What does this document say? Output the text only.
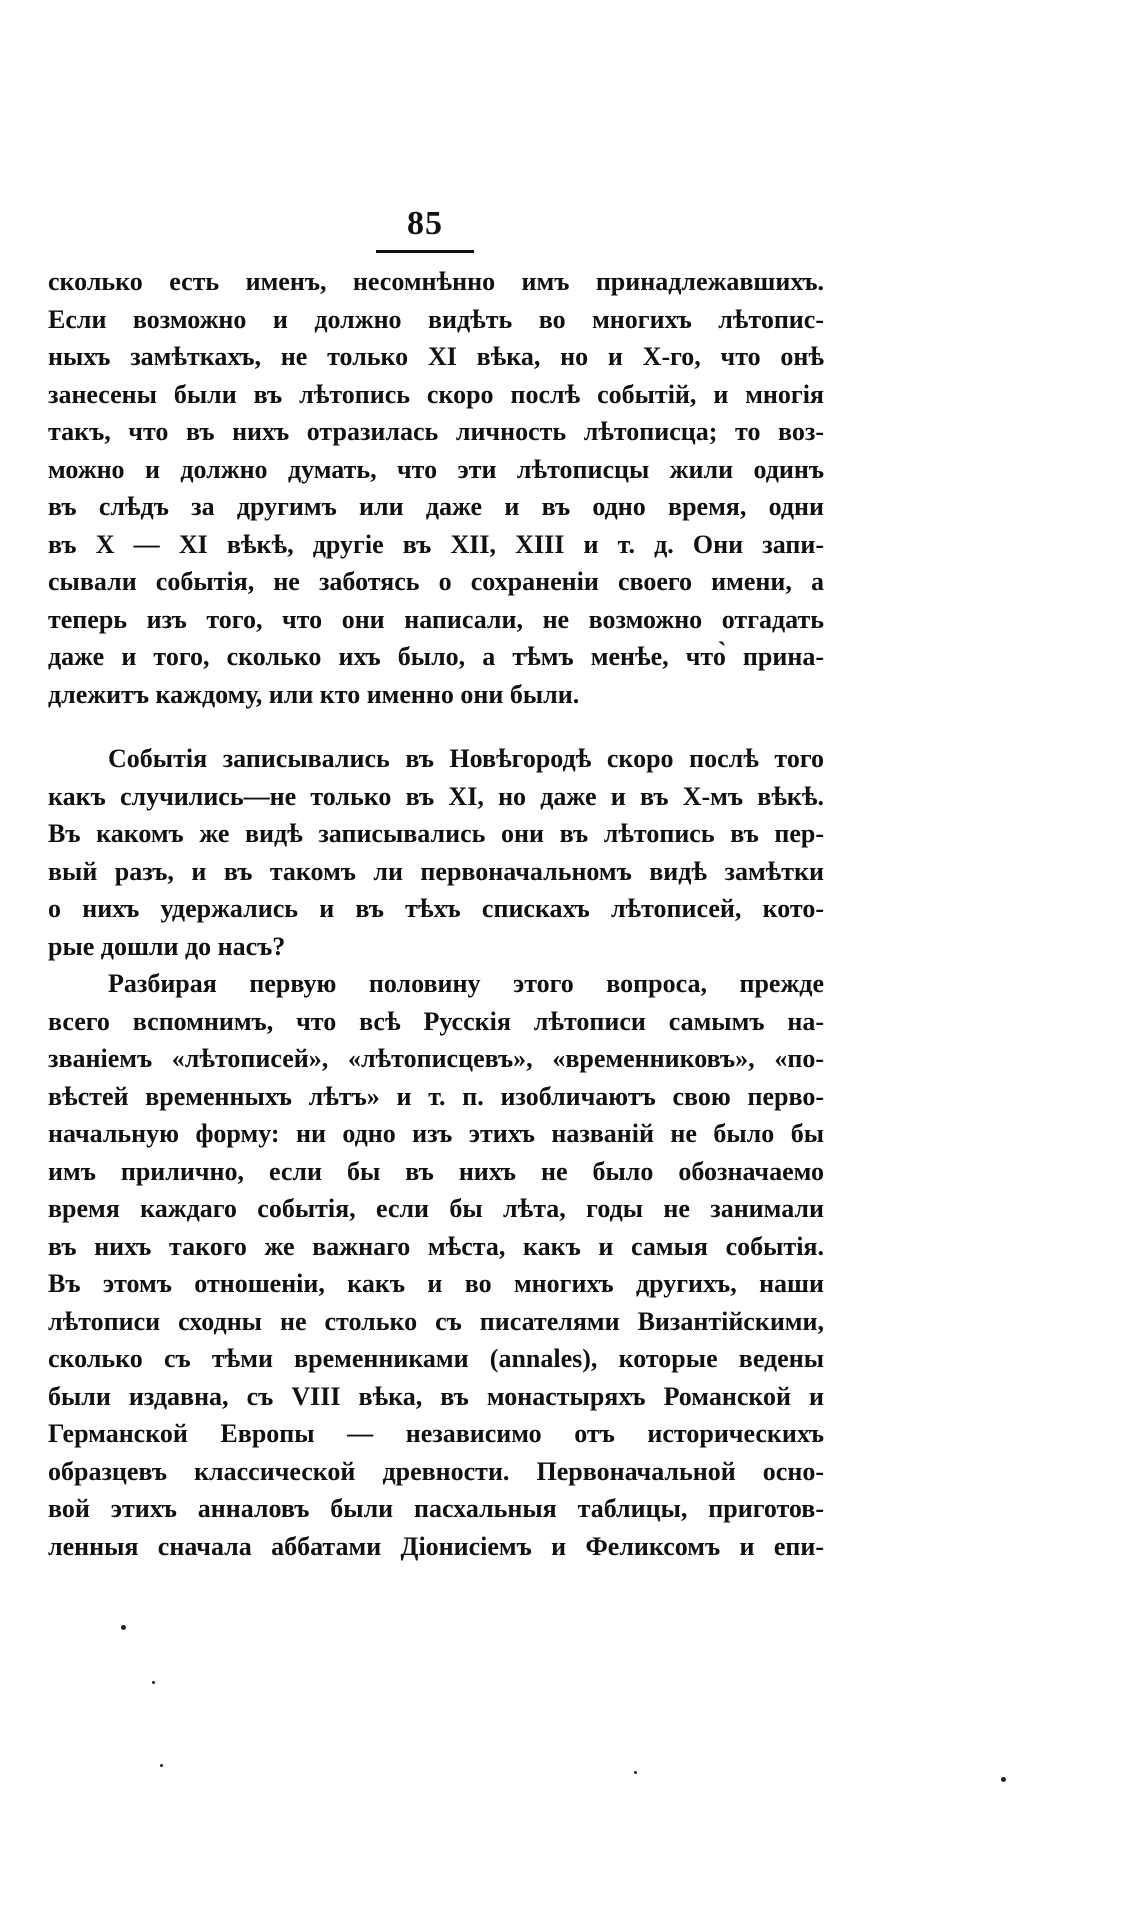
85
сколько есть именъ, несомнѣнно имъ принадлежавшихъ.
Если возможно и должно видѣть во многихъ лѣтопис-
ныхъ замѣткахъ, не только XI вѣка, но и X-го, что онѣ
занесены были въ лѣтопись скоро послѣ событій, и многія
такъ, что въ нихъ отразилась личность лѣтописца; то воз-
можно и должно думать, что эти лѣтописцы жили одинъ
въ слѣдъ за другимъ или даже и въ одно время, одни
въ X — XI вѣкѣ, другіе въ XII, XIII и т. д. Они запи-
сывали событія, не заботясь о сохраненіи своего имени, а
теперь изъ того, что они написали, не возможно отгадать
даже и того, сколько ихъ было, а тѣмъ менѣе, что̀ прина-
длежитъ каждому, или кто именно они были.
Событія записывались въ Новѣгородѣ скоро послѣ того
какъ случились—не только въ XI, но даже и въ X-мъ вѣкѣ.
Въ какомъ же видѣ записывались они въ лѣтопись въ пер-
вый разъ, и въ такомъ ли первоначальномъ видѣ замѣтки
о нихъ удержались и въ тѣхъ спискахъ лѣтописей, кото-
рые дошли до насъ?
Разбирая первую половину этого вопроса, прежде
всего вспомнимъ, что всѣ Русскія лѣтописи самымъ на-
званіемъ «лѣтописей», «лѣтописцевъ», «временниковъ», «по-
вѣстей временныхъ лѣтъ» и т. п. изобличаютъ свою перво-
начальную форму: ни одно изъ этихъ названій не было бы
имъ прилично, если бы въ нихъ не было обозначаемо
время каждаго событія, если бы лѣта, годы не занимали
въ нихъ такого же важнаго мѣста, какъ и самыя событія.
Въ этомъ отношеніи, какъ и во многихъ другихъ, наши
лѣтописи сходны не столько съ писателями Византійскими,
сколько съ тѣми временниками (annales), которые ведены
были издавна, съ VIII вѣка, въ монастыряхъ Романской и
Германской Европы — независимо отъ историческихъ
образцевъ классической древности. Первоначальной осно-
вой этихъ анналовъ были пасхальныя таблицы, приготов-
ленныя сначала аббатами Діонисіемъ и Феликсомъ и епи-
